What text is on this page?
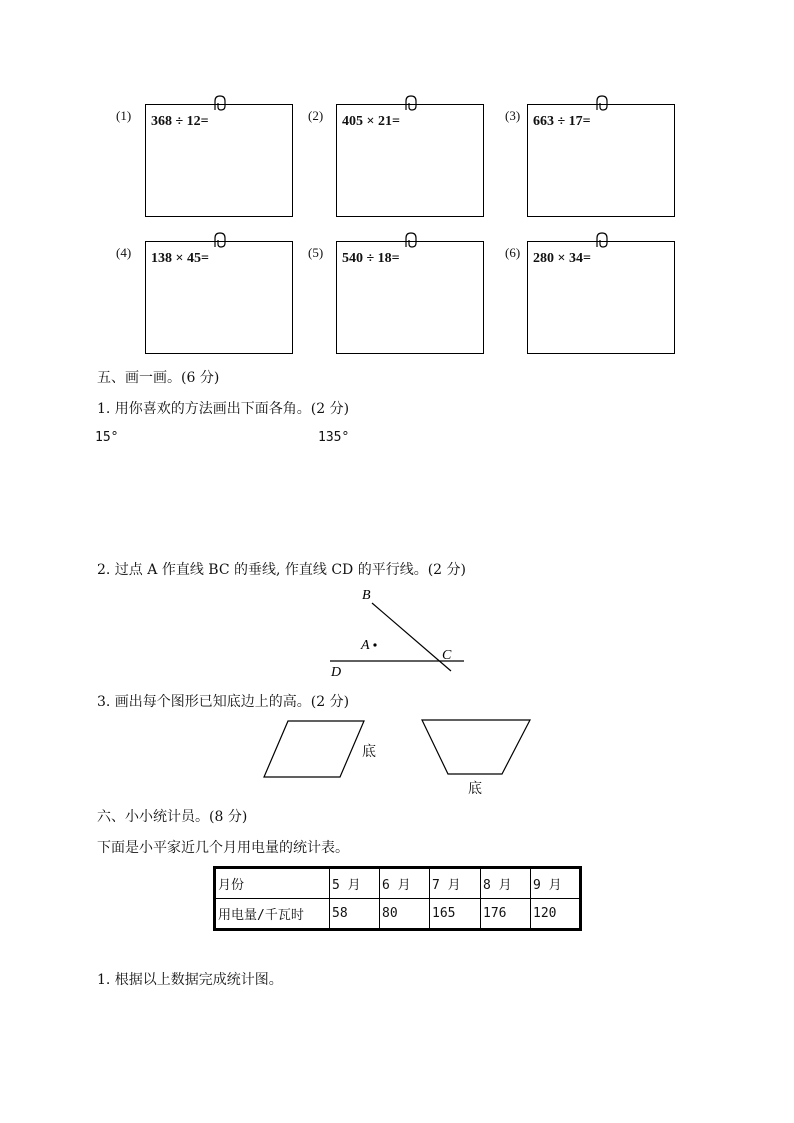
(1) 368 ÷ 12=	(2) 405 × 21=	(3) 663 ÷ 17=
(4) 138 × 45=	(5) 540 ÷ 18=	(6) 280 × 34=
五、画一画。(6 分)
1. 用你喜欢的方法画出下面各角。(2 分)
15°	135°
2. 过点 A 作直线 BC 的垂线, 作直线 CD 的平行线。(2 分)
B
A
C
D
3. 画出每个图形已知底边上的高。(2 分)
底
底
六、小小统计员。(8 分)
下面是小平家近几个月用电量的统计表。
月份	5 月	6 月	7 月	8 月	9 月
用电量/千瓦时	58	80	165	176	120
1. 根据以上数据完成统计图。
